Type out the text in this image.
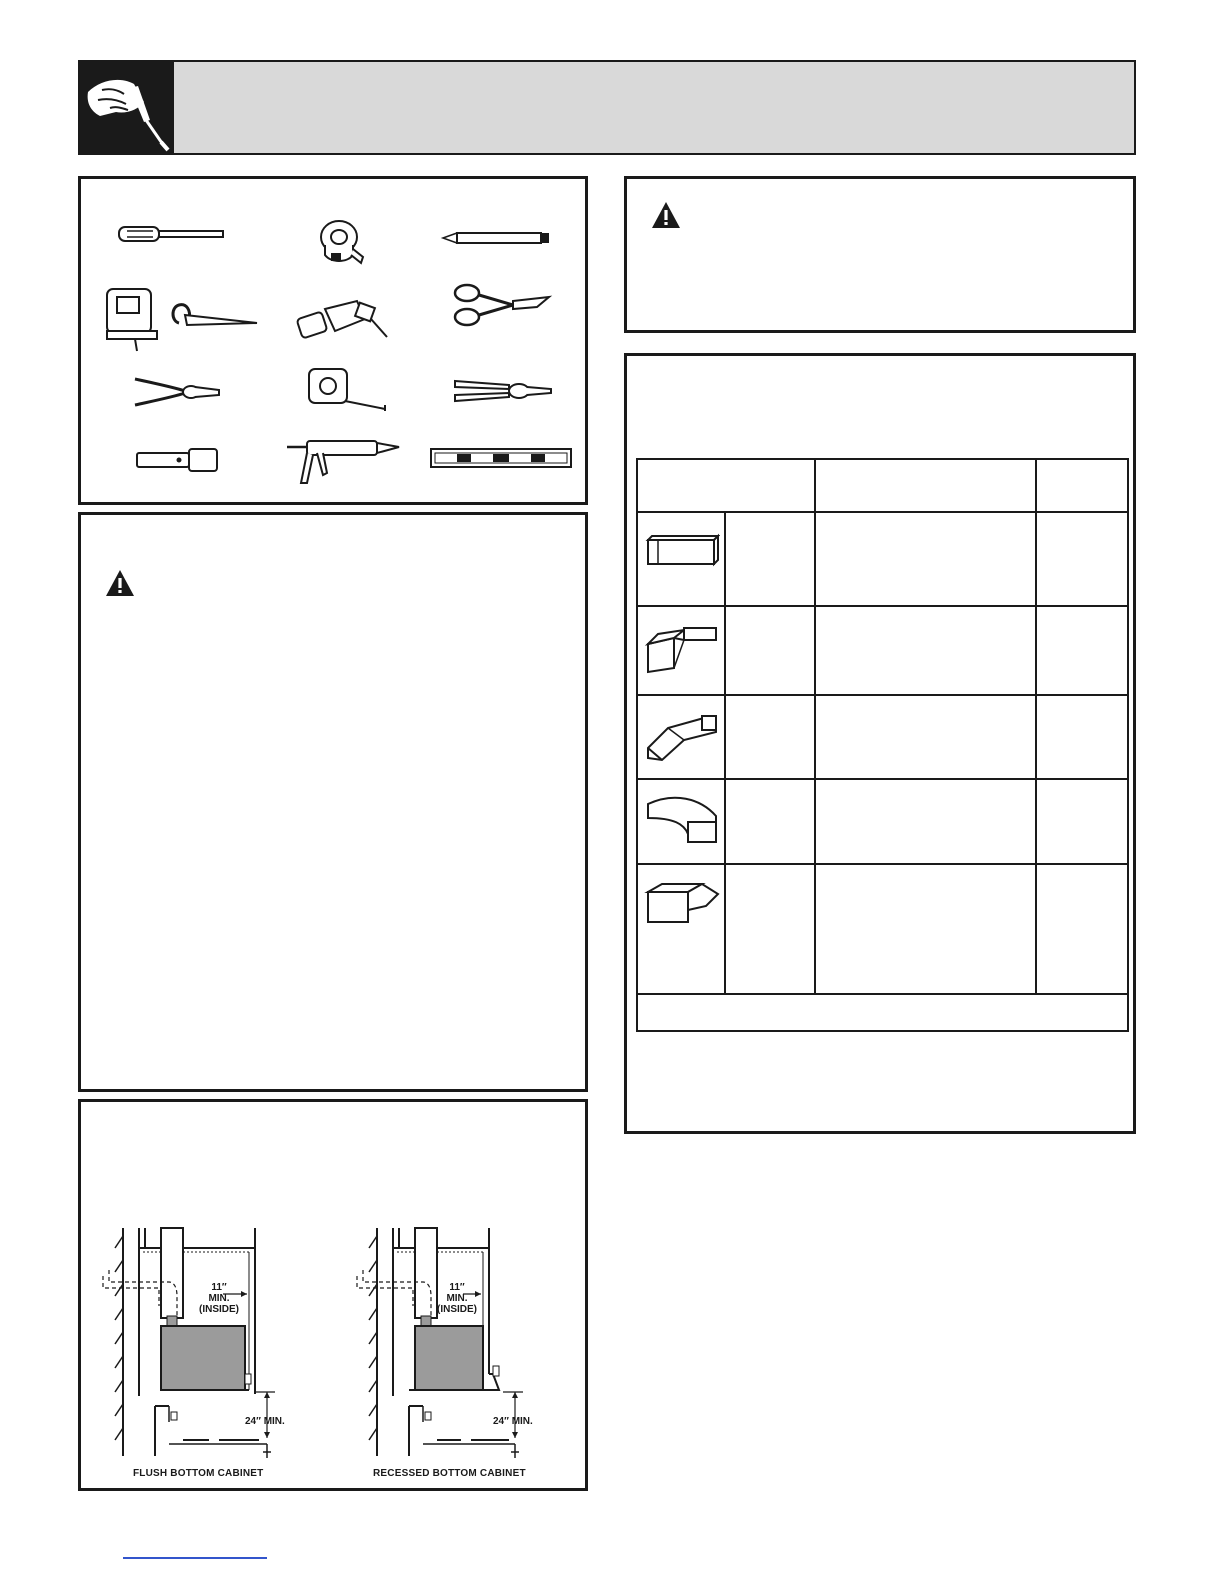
11″
MIN.
(INSIDE)
24″ MIN.
FLUSH BOTTOM CABINET
11″
MIN.
(INSIDE)
24″ MIN.
RECESSED BOTTOM CABINET
